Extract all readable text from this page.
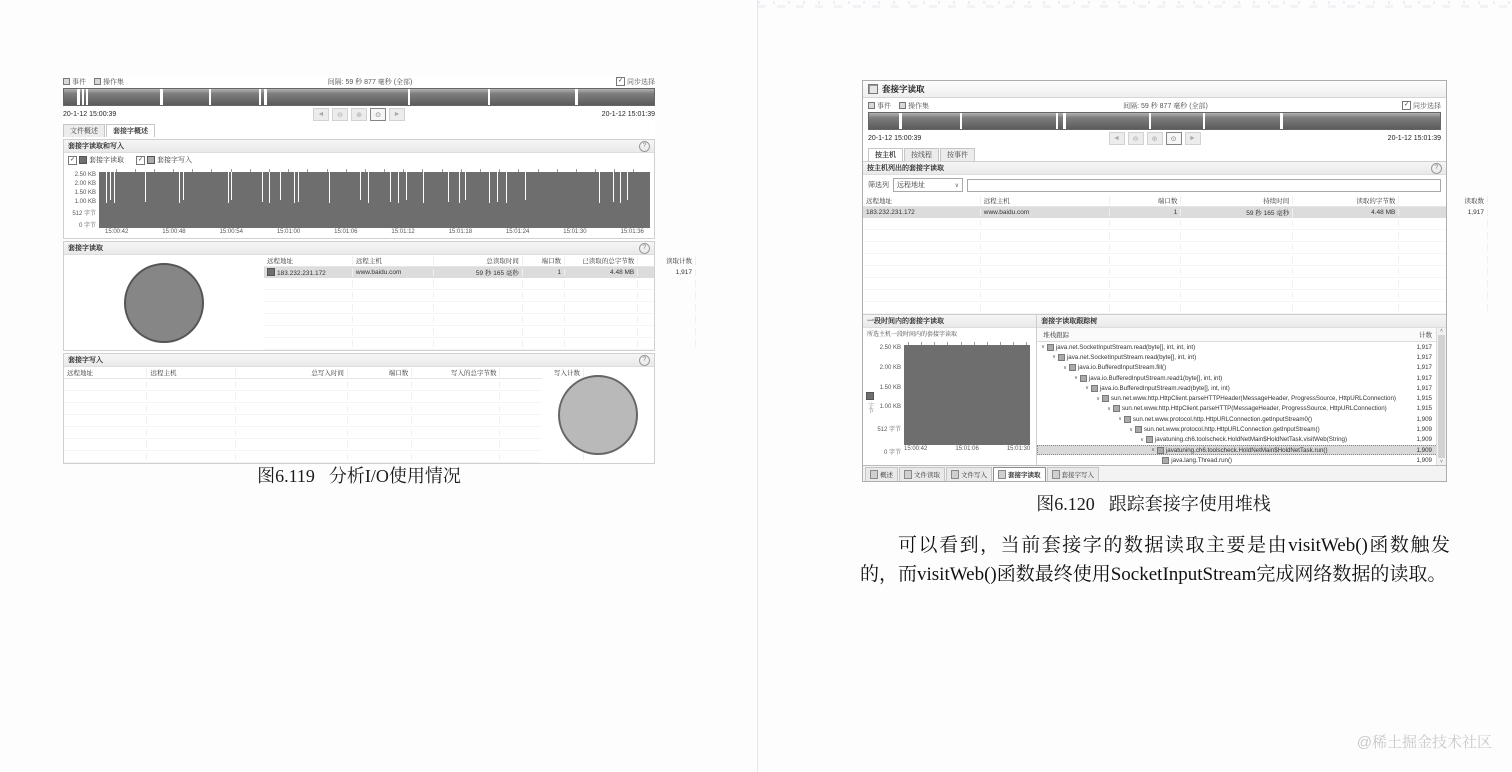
事件 操作集	间隔: 59 秒 877 毫秒 (全部)	✓ 同步选择
20-1-12 15:00:39	◄	⊖	⊕	⊙	►	20-1-12 15:01:39
文件概述	套接字概述
套接字读取和写入	?
✓ 套接字读取	✓ 套接字写入
2.50 KB
2.00 KB
1.50 KB
1.00 KB
512 字节
0 字节
15:00:42	15:00:48	15:00:54	15:01:00	15:01:06	15:01:12	15:01:18	15:01:24	15:01:30	15:01:36
套接字读取	?
远程地址	远程主机	总读取时间	端口数	已读取的总字节数	读取计数
183.232.231.172	www.baidu.com	59 秒 165 毫秒	1	4.48 MB	1,917

套接字写入	?
远程地址	远程主机	总写入时间	端口数	写入的总字节数	写入计数

图6.119 分析I/O使用情况
套接字读取
事件 操作集	间隔: 59 秒 877 毫秒 (全部)	✓ 同步选择
20-1-12 15:00:39	◄	⊖	⊕	⊙	►	20-1-12 15:01:39
按主机	按线程	按事件
按主机列出的套接字读取	?
筛选列 远程地址	∨
远程地址	远程主机	端口数	持续时间	读取的字节数	读取数
183.232.231.172	www.baidu.com	1	59 秒 165 毫秒	4.48 MB	1,917

一段时间内的套接字读取
所选主机一段时间内的套接字读取
字节
2.50 KB
2.00 KB
1.50 KB
1.00 KB
512 字节
0 字节
15:00:42	15:01:06	15:01:30
套接字读取跟踪树
堆栈跟踪	计数
∨ java.net.SocketInputStream.read(byte[], int, int, int)	1,917
∨ java.net.SocketInputStream.read(byte[], int, int)	1,917
∨ java.io.BufferedInputStream.fill()	1,917
∨ java.io.BufferedInputStream.read1(byte[], int, int)	1,917
∨ java.io.BufferedInputStream.read(byte[], int, int)	1,917
∨ sun.net.www.http.HttpClient.parseHTTPHeader(MessageHeader, ProgressSource, HttpURLConnection)	1,915
∨ sun.net.www.http.HttpClient.parseHTTP(MessageHeader, ProgressSource, HttpURLConnection)	1,915
∨ sun.net.www.protocol.http.HttpURLConnection.getInputStream0()	1,909
∨ sun.net.www.protocol.http.HttpURLConnection.getInputStream()	1,909
∨ javatuning.ch6.toolscheck.HoldNetMain$HoldNetTask.visitWeb(String)	1,909
∨ javatuning.ch6.toolscheck.HoldNetMain$HoldNetTask.run()	1,909
java.lang.Thread.run()	1,909
˄
˅
概述	文件读取	文件写入	套接字读取	套接字写入
图6.120 跟踪套接字使用堆栈
可以看到，当前套接字的数据读取主要是由visitWeb()函数触发的，而visitWeb()函数最终使用SocketInputStream完成网络数据的读取。
@稀土掘金技术社区
